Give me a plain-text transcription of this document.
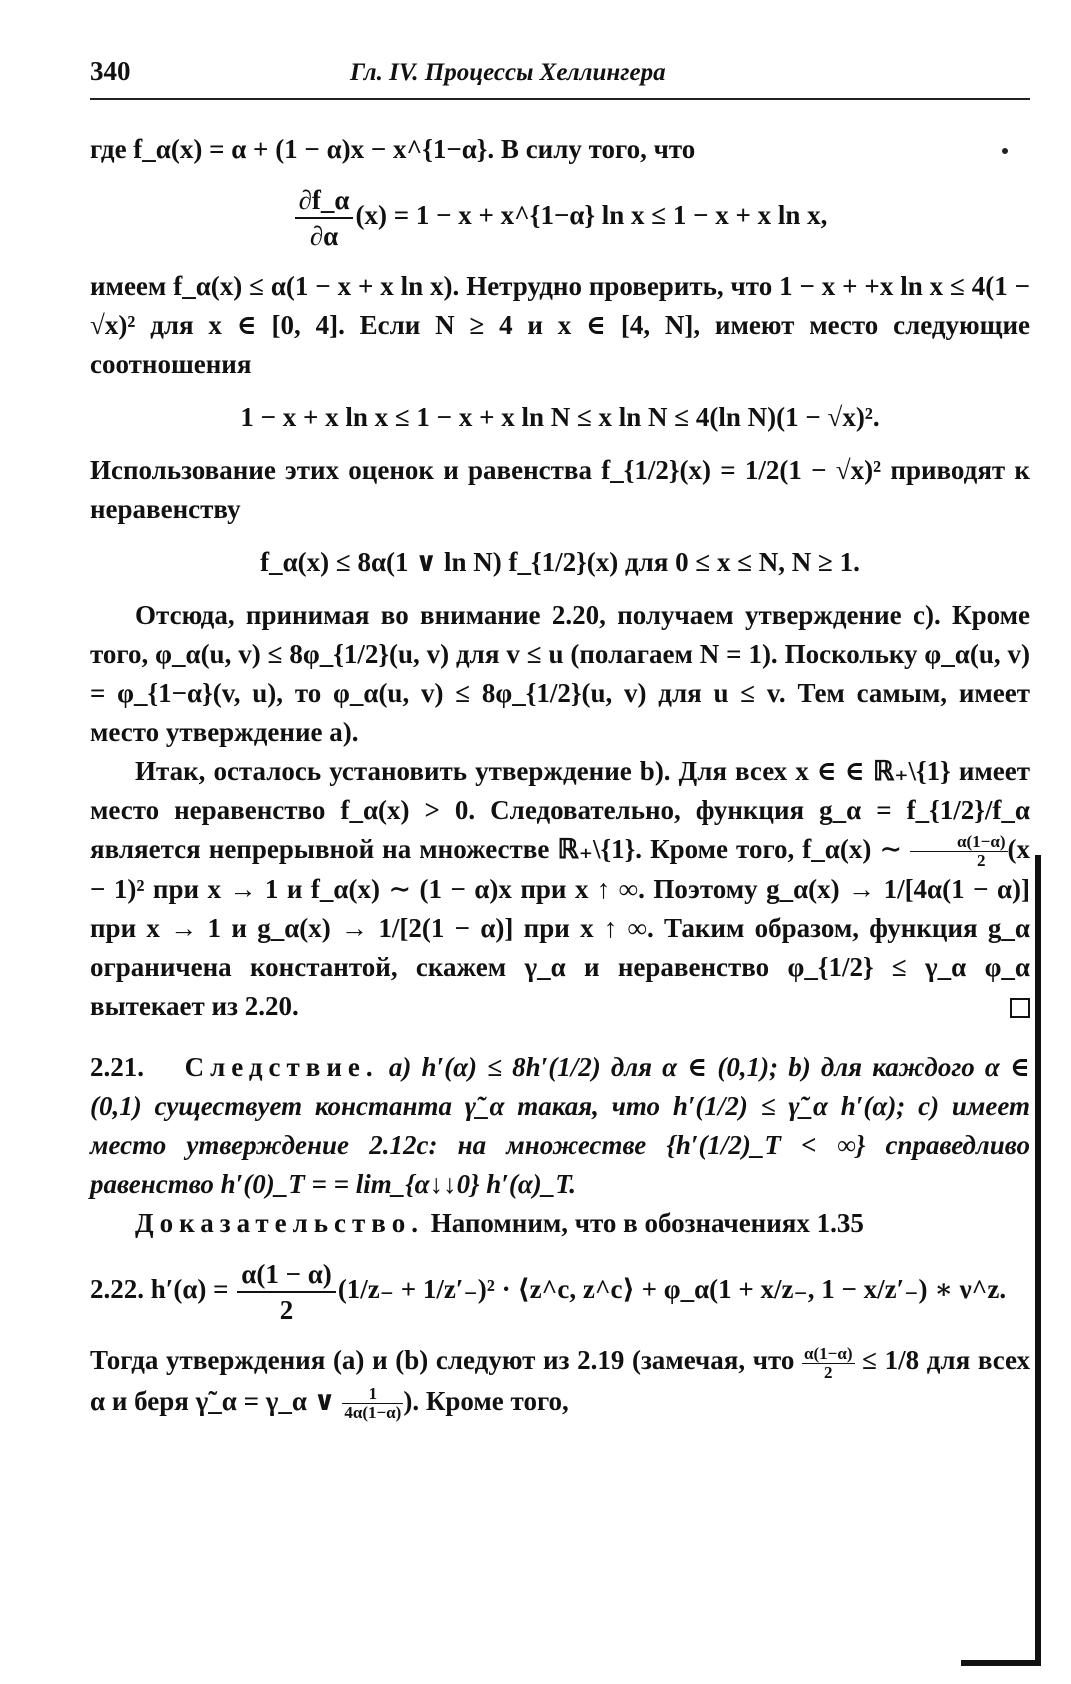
340	Гл. IV. Процессы Хеллингера

где f_α(x) = α + (1 − α)x − x^{1−α}. В силу того, что

$\frac{\partial f\_\alpha}{\partial\alpha} (x) = 1 - x$ + x^{1−α} ln x ≤ 1 − x + x ln x,

имеем f_α(x) ≤ α(1 − x + x ln x). Нетрудно проверить, что 1 − x + +x ln x ≤ 4(1 − √x)² для x ∈ [0, 4]. Если N ≥ 4 и x ∈ [4, N], имеют место следующие соотношения

1 − x + x ln x ≤ 1 − x + x ln N ≤ x ln N ≤ 4(ln N)(1 − √x)².

Использование этих оценок и равенства f_{1/2}(x) = 1/2(1 − √x)² приводят к неравенству

f_α(x) ≤ 8α(1 ∨ ln N) f_{1/2}(x) для 0 ≤ x ≤ N, N ≥ 1.

Отсюда, принимая во внимание 2.20, получаем утверждение c). Кроме того, φ_α(u, v) ≤ 8φ_{1/2}(u, v) для v ≤ u (полагаем N = 1). Поскольку φ_α(u, v) = φ_{1−α}(v, u), то φ_α(u, v) ≤ 8φ_{1/2}(u, v) для u ≤ v. Тем самым, имеет место утверждение a).

Итак, осталось установить утверждение b). Для всех x ∈ ∈ ℝ₊\{1} имеет место неравенство f_α(x) > 0. Следовательно, функция g_α = f_{1/2}/f_α является непрерывной на множестве ℝ₊\{1}. Кроме того, f_α(x) ∼ $\frac{\alpha(1-\alpha)}{2} (x - 1)^2$ при x → 1 и f_α(x) ∼ (1 − α)x при x ↑ ∞. Поэтому g_α(x) → 1/[4α(1 − α)] при x → 1 и g_α(x) → 1/[2(1 − α)] при x ↑ ∞. Таким образом, функция g_α ограничена константой, скажем γ_α и неравенство φ_{1/2} ≤ γ_α φ_α вытекает из 2.20.

2.21. Следствие. a) h′(α) ≤ 8h′(1/2) для α ∈ (0,1); b) для каждого α ∈ (0,1) существует константа γ̃_α такая, что h′(1/2) ≤ γ̃_α h′(α); c) имеет место утверждение 2.12c: на множестве {h′(1/2)_T < ∞} справедливо равенство h′(0)_T = = lim_{α↓↓0} h′(α)_T.

Доказательство. Напомним, что в обозначениях 1.35

2.22. $h'(\alpha) = \frac{\alpha(1 - \alpha)}{2} (1/z_- + 1/z'_-)^2$ · ⟨z^c, z^c⟩ + φ_α(1 + x/z₋, 1 − x/z′₋) ∗ ν^z.

Тогда утверждения (a) и (b) следуют из 2.19 (замечая, что $\frac{\alpha(1-\alpha)}{2} \le 1/8$ для всех α и беря γ̃_α = γ_α ∨ $\frac{1}{4\alpha(1-\alpha)}$ ). Кроме того,
